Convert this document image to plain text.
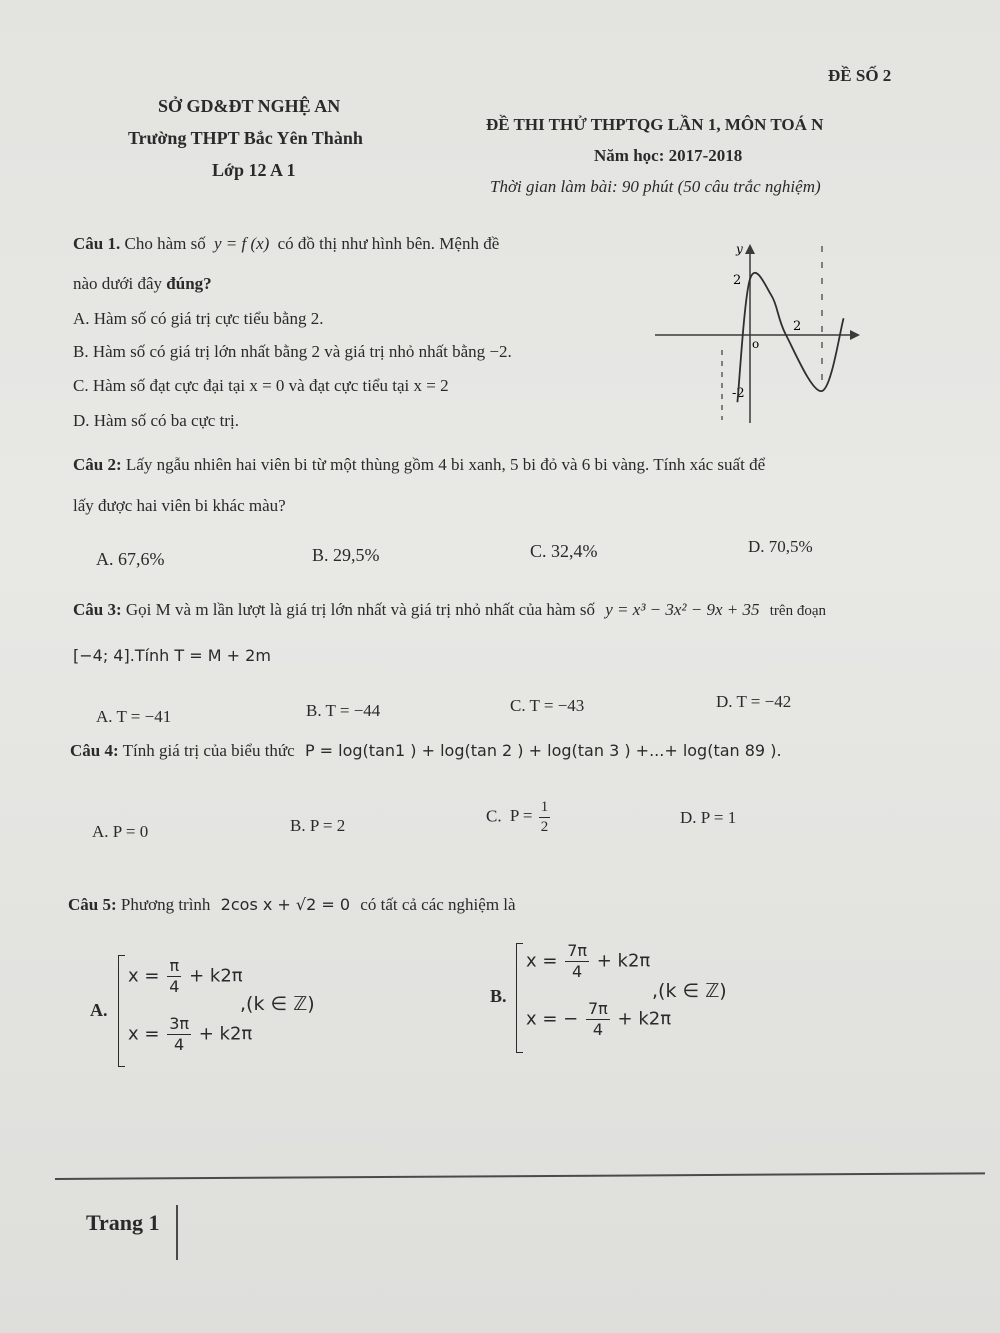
ĐỀ SỐ 2
SỞ GD&ĐT NGHỆ AN
Trường THPT Bắc Yên Thành
Lớp 12 A 1
ĐỀ THI THỬ THPTQG LẦN 1, MÔN TOÁ N
Năm học: 2017-2018
Thời gian làm bài: 90 phút (50 câu trắc nghiệm)
Câu 1. Cho hàm số y = f (x) có đồ thị như hình bên. Mệnh đề
nào dưới đây đúng?
A. Hàm số có giá trị cực tiểu bằng 2.
B. Hàm số có giá trị lớn nhất bằng 2 và giá trị nhỏ nhất bằng −2.
C. Hàm số đạt cực đại tại x = 0 và đạt cực tiểu tại x = 2
D. Hàm số có ba cực trị.
y
o
2
2
-2
Câu 2: Lấy ngẫu nhiên hai viên bi từ một thùng gồm 4 bi xanh, 5 bi đỏ và 6 bi vàng. Tính xác suất để
lấy được hai viên bi khác màu?
A. 67,6%	B. 29,5%	C. 32,4%	D. 70,5%
Câu 3: Gọi M và m lần lượt là giá trị lớn nhất và giá trị nhỏ nhất của hàm số y = x³ − 3x² − 9x + 35 trên đoạn
[−4; 4].Tính T = M + 2m
A. T = −41	B. T = −44	C. T = −43	D. T = −42
Câu 4: Tính giá trị của biểu thức P = log(tan1 ) + log(tan 2 ) + log(tan 3 ) +...+ log(tan 89 ).
A. P = 0	B. P = 2
C. $P = \frac{1}{2}$	D. P = 1
Câu 5: Phương trình 2cos x + √2 = 0 có tất cả các nghiệm là
A.
$x = \frac{\pi}{4} + k2\pi$
$x = \frac{3\pi}{4} + k2\pi$
,(k ∈ ℤ)	B.
$x = \frac{7\pi}{4} + k2\pi$
x = − $\frac{7\pi}{4} + k2\pi$
,(k ∈ ℤ)
Trang 1
